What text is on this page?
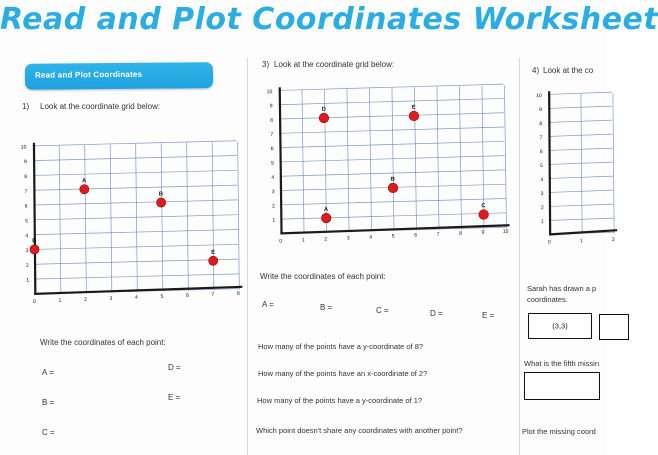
Read and Plot Coordinates Worksheet
Read and Plot Coordinates
1) Look at the coordinate grid below:
0	1	2	3	4	5	6	7	8
1
2
3
4
5
6
7
8
9
10
A
B
D
E
Write the coordinates of each point:
A =
B =
C =
D =
E =
3) Look at the coordinate grid below:
0	1	2	3	4	5	6	7	8	9	10
1
2
3
4
5
6
7
8
9
10
A
B
C
D	E
Write the coordinates of each point:
A =	B =	C =	D =	E =
How many of the points have a y-coordinate of 8?
How many of the points have an x-coordinate of 2?
How many of the points have a y-coordinate of 1?
Which point doesn't share any coordinates with another point?
4) Look at the co
0	1	2
1
2
3
4
5
6
7
8
9
10
Sarah has drawn a p
coordinates.
(3,3)
What is the fifth missin
Plot the missing coord
